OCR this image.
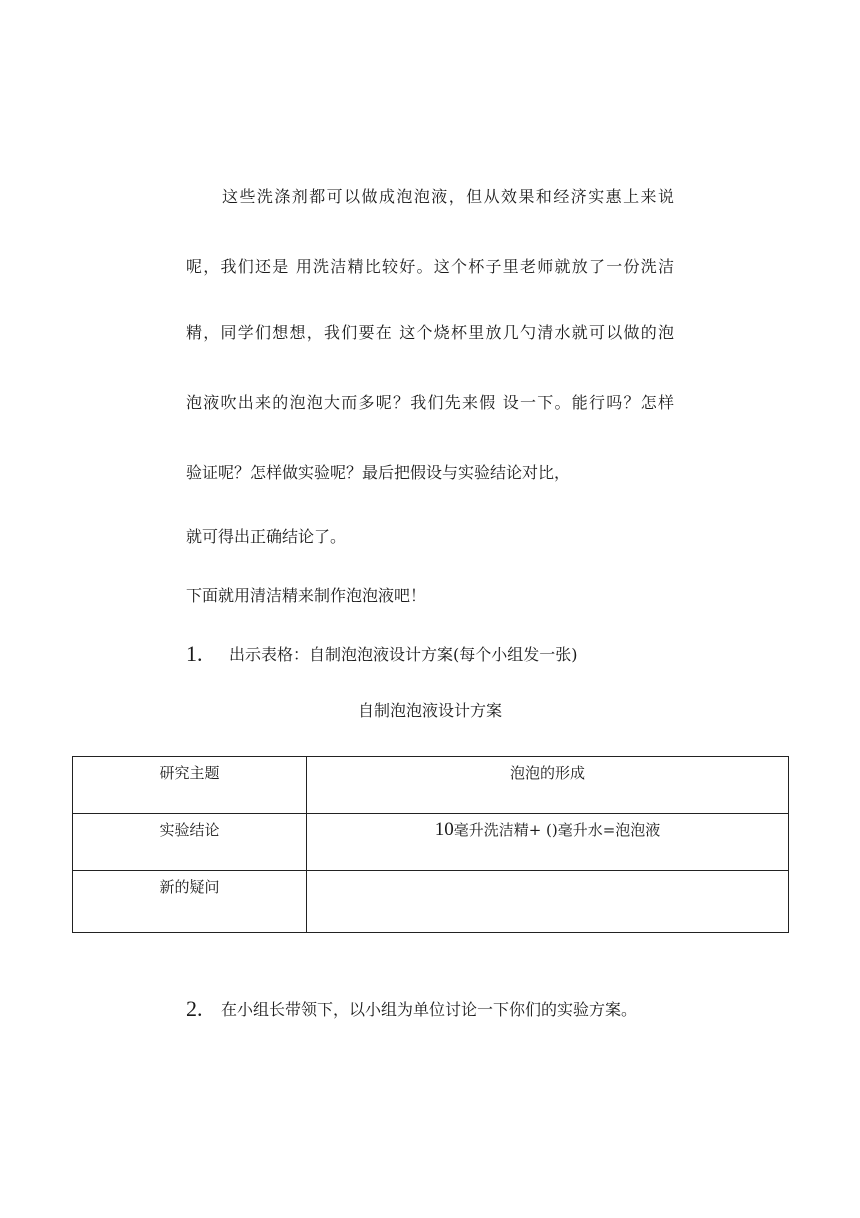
这些洗涤剂都可以做成泡泡液，但从效果和经济实惠上来说
呢，我们还是 用洗洁精比较好。这个杯子里老师就放了一份洗洁
精，同学们想想，我们要在 这个烧杯里放几勺清水就可以做的泡
泡液吹出来的泡泡大而多呢？我们先来假 设一下。能行吗？怎样
验证呢？怎样做实验呢？最后把假设与实验结论对比，
就可得出正确结论了。
下面就用清洁精来制作泡泡液吧！
1. 出示表格：自制泡泡液设计方案(每个小组发一张)
自制泡泡液设计方案
研究主题	泡泡的形成
实验结论	10毫升洗洁精+ ()毫升水=泡泡液
新的疑问	
2. 在小组长带领下，以小组为单位讨论一下你们的实验方案。
